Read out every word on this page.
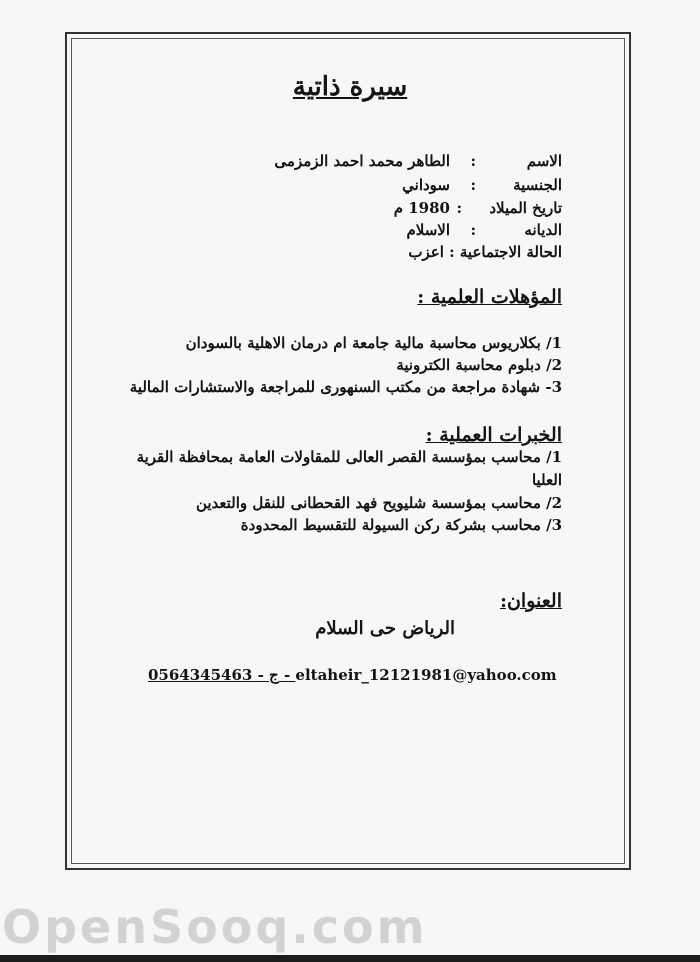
سيرة ذاتية
الاسم
:
الطاهر محمد احمد الزمزمى
الجنسية
:
سوداني
تاريخ الميلاد
:
1980 م
الديانه
:
الاسلام
الحالة الاجتماعية : اعزب
المؤهلات العلمية :
1/ بكلاريوس محاسبة مالية جامعة ام درمان الاهلية بالسودان
2/ دبلوم محاسبة الكترونية
3- شهادة مراجعة من مكتب السنهورى للمراجعة والاستشارات المالية
الخبرات العملية :
1/ محاسب بمؤسسة القصر العالى للمقاولات العامة بمحافظة القرية
العليا
2/ محاسب بمؤسسة شليويح فهد القحطانى للنقل والتعدين
3/ محاسب بشركة ركن السيولة للتقسيط المحدودة
العنوان:
الرياض حى السلام
0564345463 - ج - eltaheir_12121981@yahoo.com
OpenSooq.com
